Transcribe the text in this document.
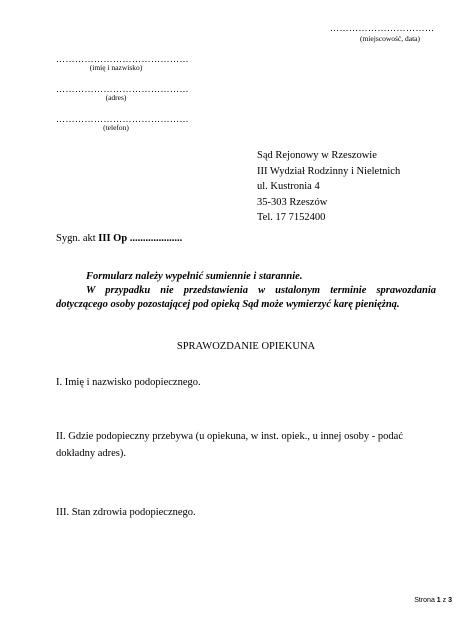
……………………………
(miejscowość, data)
……………………………………
(imię i nazwisko)
……………………………………
(adres)
……………………………………
(telefon)
Sąd Rejonowy w Rzeszowie
III Wydział Rodzinny i Nieletnich
ul. Kustronia 4
35-303 Rzeszów
Tel. 17 7152400
Sygn. akt III Op ....................
Formularz należy wypełnić sumiennie i starannie.
W przypadku nie przedstawienia w ustalonym terminie sprawozdania dotyczącego osoby pozostającej pod opieką Sąd może wymierzyć karę pieniężną.
SPRAWOZDANIE OPIEKUNA
I. Imię i nazwisko podopiecznego.
II. Gdzie podopieczny przebywa (u opiekuna, w inst. opiek., u innej osoby - podać
dokładny adres).
III. Stan zdrowia podopiecznego.
Strona 1 z 3
